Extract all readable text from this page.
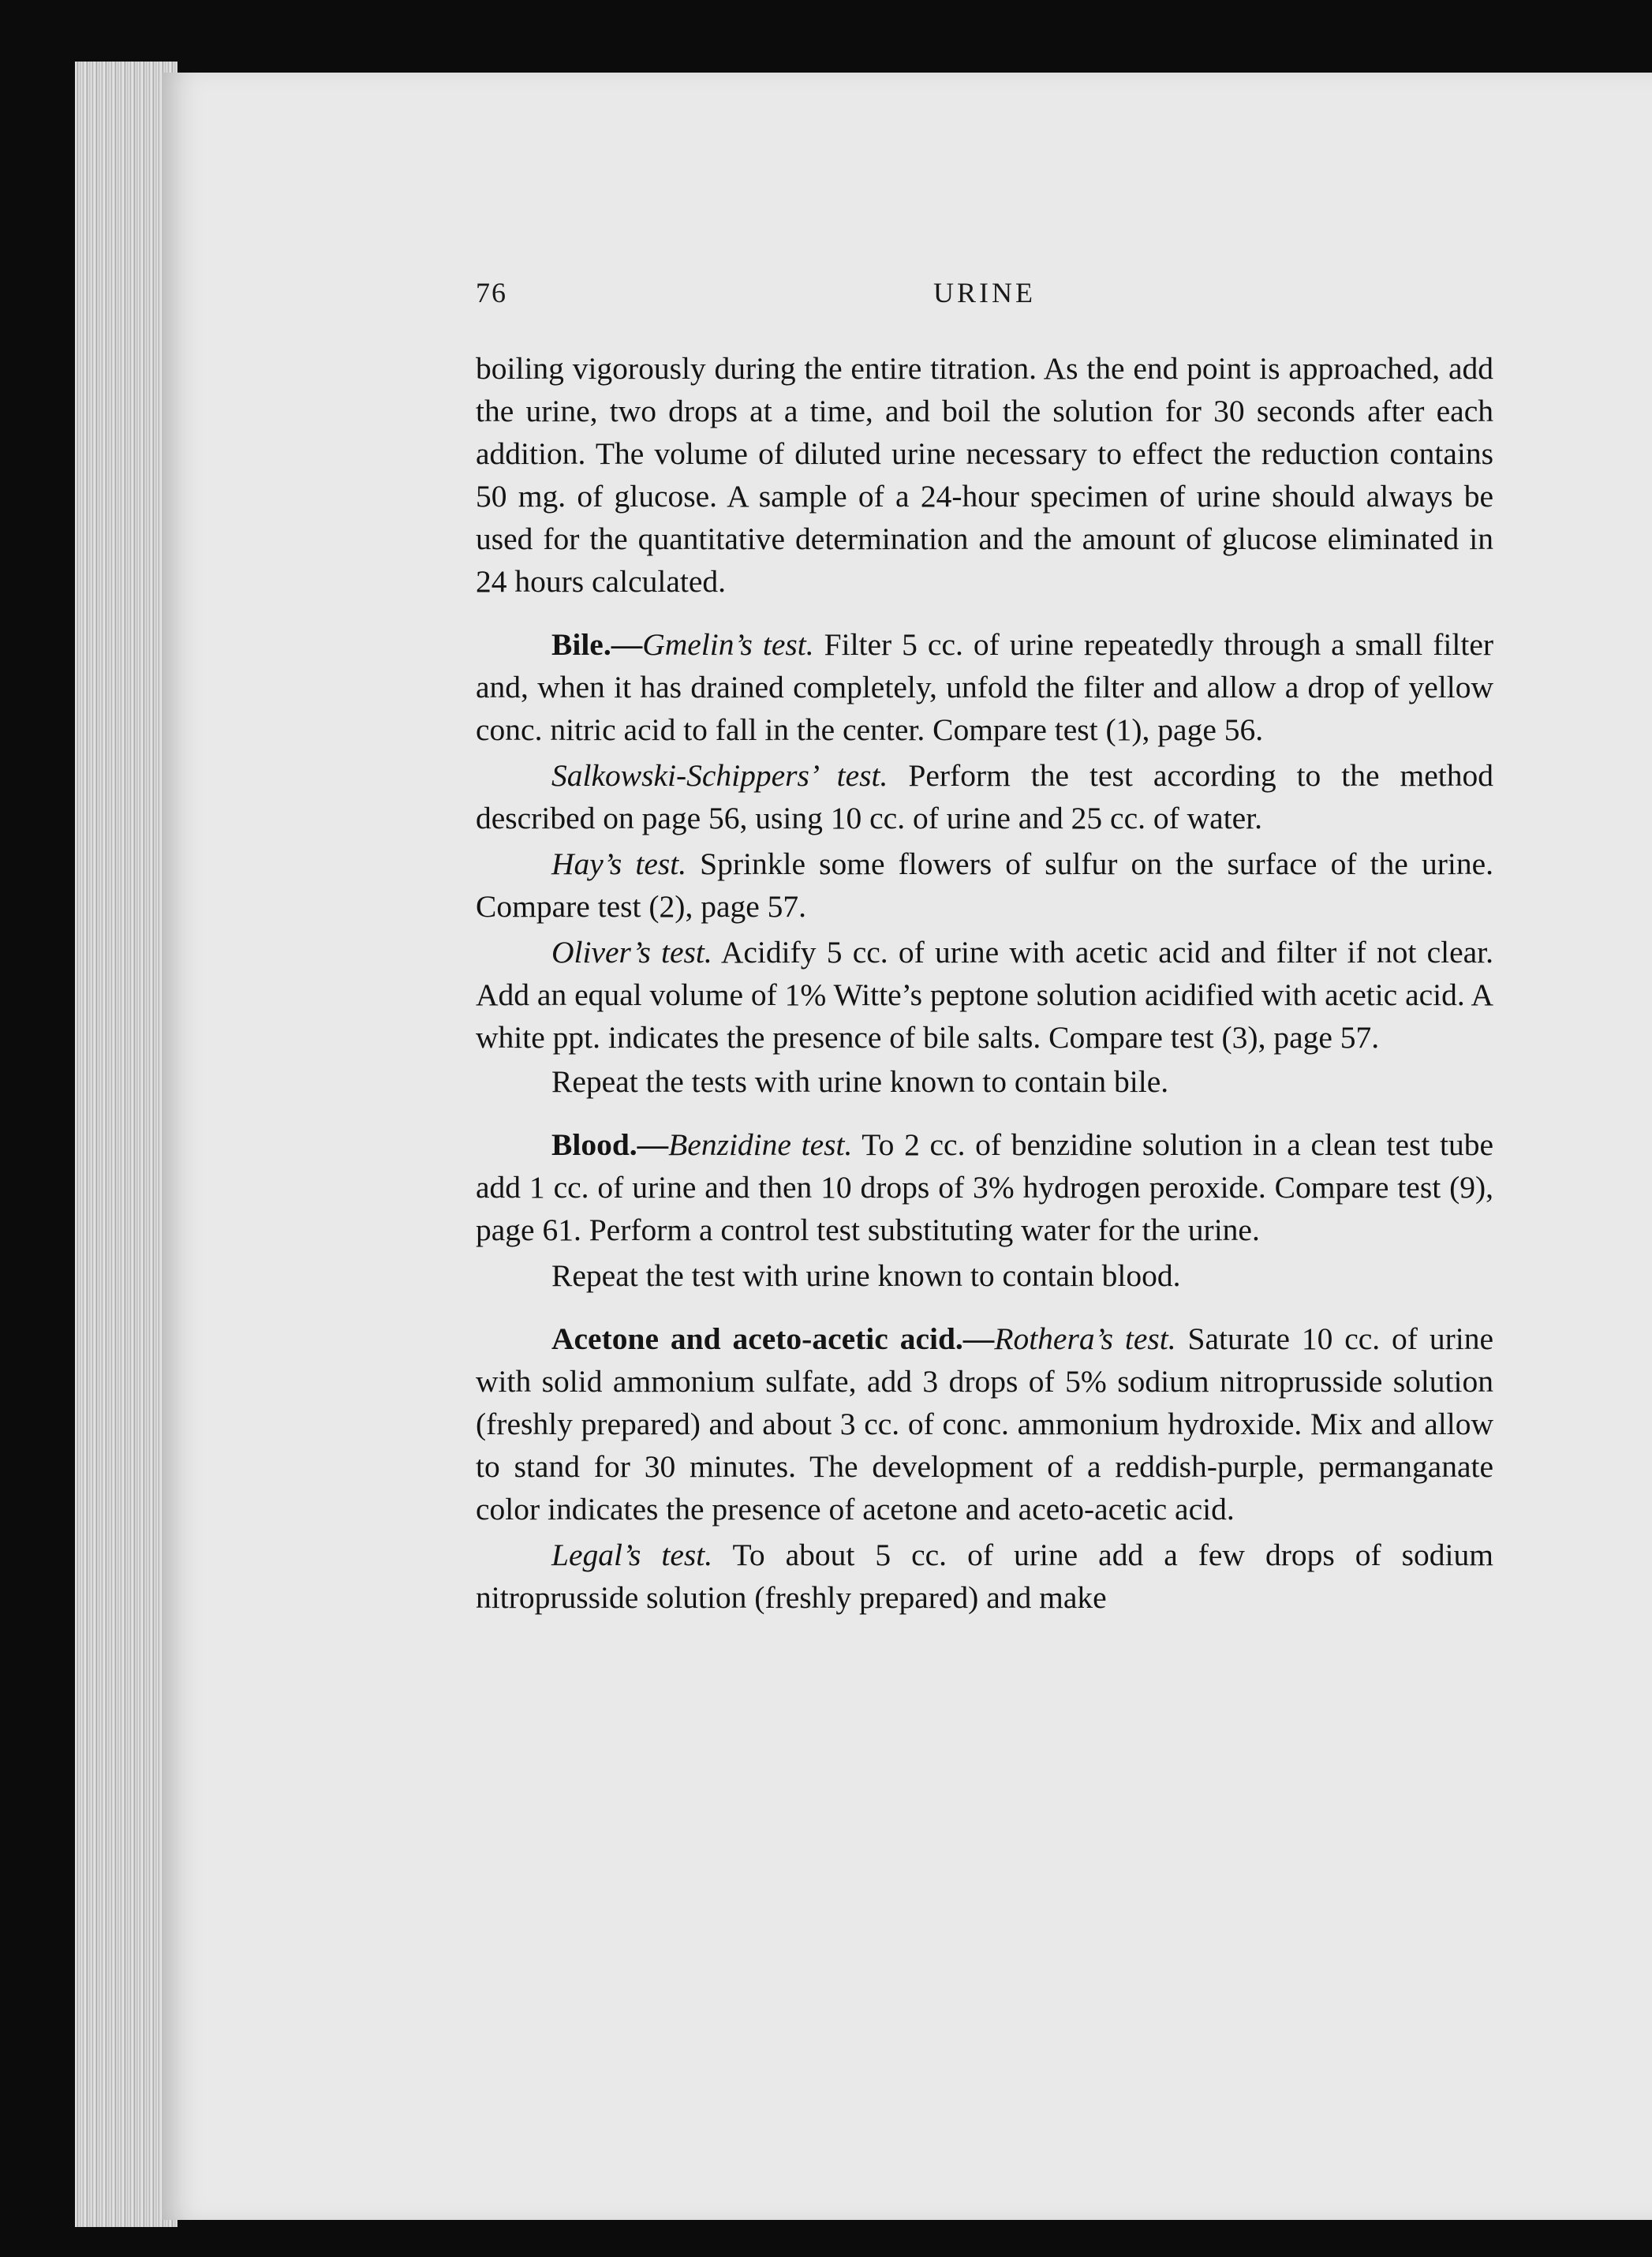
76	URINE

boiling vigorously during the entire titration. As the end point is approached, add the urine, two drops at a time, and boil the solution for 30 seconds after each addition. The volume of diluted urine necessary to effect the reduction contains 50 mg. of glucose. A sample of a 24-hour specimen of urine should always be used for the quantitative determination and the amount of glucose eliminated in 24 hours calculated.

Bile.—Gmelin’s test. Filter 5 cc. of urine repeatedly through a small filter and, when it has drained completely, unfold the filter and allow a drop of yellow conc. nitric acid to fall in the center. Compare test (1), page 56.

Salkowski-Schippers’ test. Perform the test according to the method described on page 56, using 10 cc. of urine and 25 cc. of water.

Hay’s test. Sprinkle some flowers of sulfur on the surface of the urine. Compare test (2), page 57.

Oliver’s test. Acidify 5 cc. of urine with acetic acid and filter if not clear. Add an equal volume of 1% Witte’s peptone solution acidified with acetic acid. A white ppt. indicates the presence of bile salts. Compare test (3), page 57.

Repeat the tests with urine known to contain bile.

Blood.—Benzidine test. To 2 cc. of benzidine solution in a clean test tube add 1 cc. of urine and then 10 drops of 3% hydrogen peroxide. Compare test (9), page 61. Perform a control test substituting water for the urine.

Repeat the test with urine known to contain blood.

Acetone and aceto-acetic acid.—Rothera’s test. Saturate 10 cc. of urine with solid ammonium sulfate, add 3 drops of 5% sodium nitroprusside solution (freshly prepared) and about 3 cc. of conc. ammonium hydroxide. Mix and allow to stand for 30 minutes. The development of a reddish-purple, permanganate color indicates the presence of acetone and aceto-acetic acid.

Legal’s test. To about 5 cc. of urine add a few drops of sodium nitroprusside solution (freshly prepared) and make
